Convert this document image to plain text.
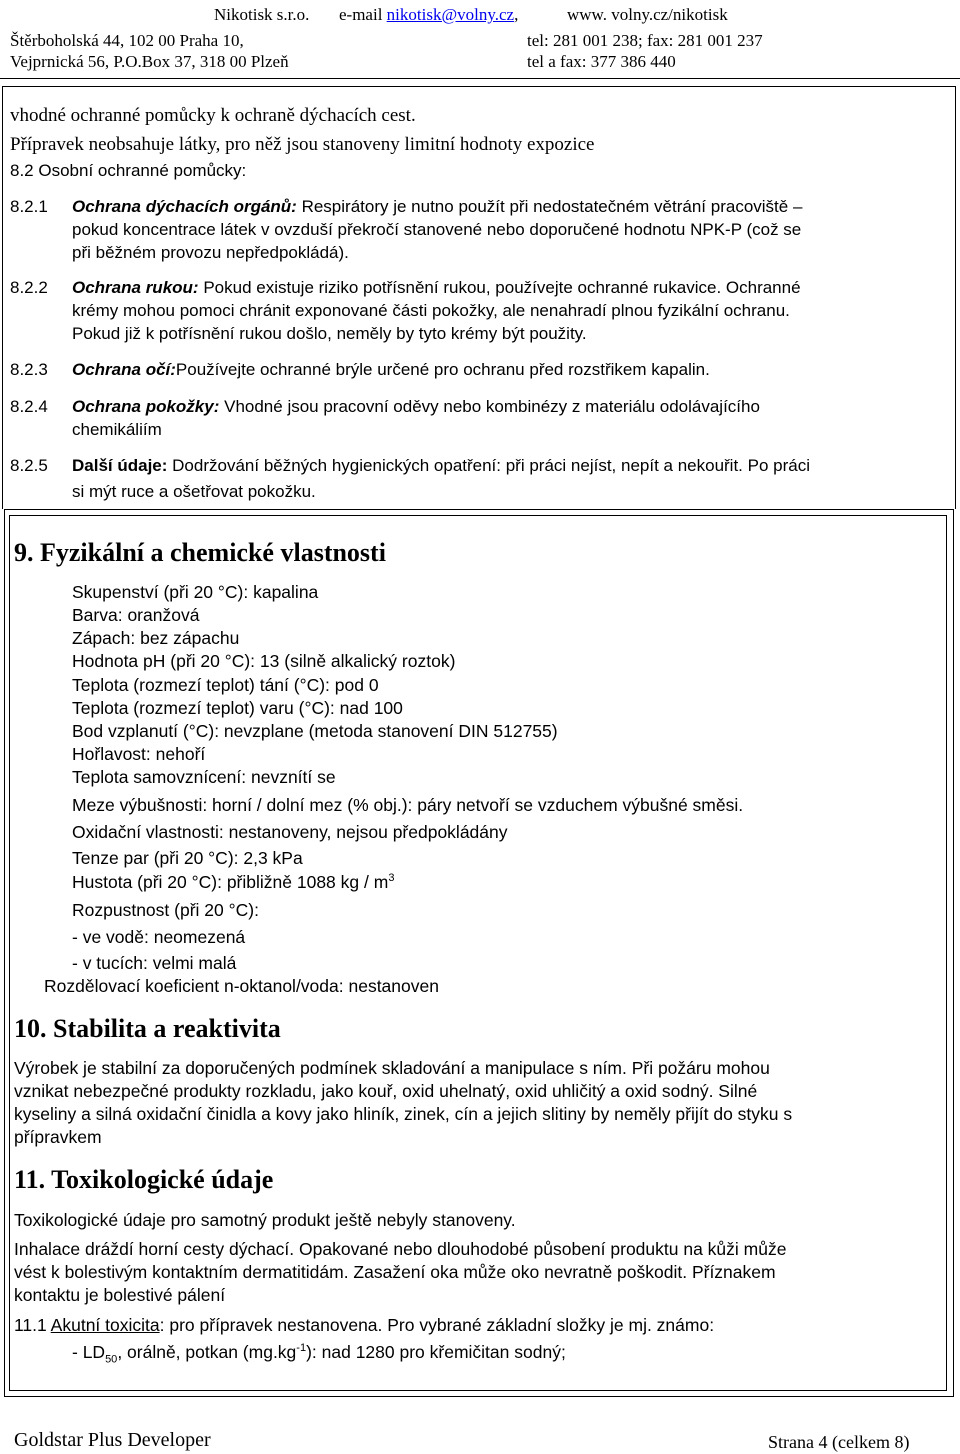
Nikotisk s.r.o. e-mail nikotisk@volny.cz,	www. volny.cz/nikotisk
Štěrboholská 44, 102 00 Praha 10,	tel: 281 001 238; fax: 281 001 237
Vejprnická 56, P.O.Box 37, 318 00 Plzeň	tel a fax: 377 386 440
vhodné ochranné pomůcky k ochraně dýchacích cest.
Přípravek neobsahuje látky, pro něž jsou stanoveny limitní hodnoty expozice
8.2 Osobní ochranné pomůcky:
8.2.1 Ochrana dýchacích orgánů: Respirátory je nutno použít při nedostatečném větrání pracoviště –
pokud koncentrace látek v ovzduší překročí stanovené nebo doporučené hodnotu NPK-P (což se
při běžném provozu nepředpokládá).
8.2.2 Ochrana rukou: Pokud existuje riziko potřísnění rukou, používejte ochranné rukavice. Ochranné
krémy mohou pomoci chránit exponované části pokožky, ale nenahradí plnou fyzikální ochranu.
Pokud již k potřísnění rukou došlo, neměly by tyto krémy být použity.
8.2.3 Ochrana očí:Používejte ochranné brýle určené pro ochranu před rozstřikem kapalin.
8.2.4 Ochrana pokožky: Vhodné jsou pracovní oděvy nebo kombinézy z materiálu odolávajícího
chemikáliím
8.2.5 Další údaje: Dodržování běžných hygienických opatření: při práci nejíst, nepít a nekouřit. Po práci
si mýt ruce a ošetřovat pokožku.
9. Fyzikální a chemické vlastnosti
Skupenství (při 20 °C): kapalina
Barva: oranžová
Zápach: bez zápachu
Hodnota pH (při 20 °C): 13 (silně alkalický roztok)
Teplota (rozmezí teplot) tání (°C): pod 0
Teplota (rozmezí teplot) varu (°C): nad 100
Bod vzplanutí (°C): nevzplane (metoda stanovení DIN 512755)
Hořlavost: nehoří
Teplota samovznícení: nevznítí se
Meze výbušnosti: horní / dolní mez (% obj.): páry netvoří se vzduchem výbušné směsi.
Oxidační vlastnosti: nestanoveny, nejsou předpokládány
Tenze par (při 20 °C): 2,3 kPa
Hustota (při 20 °C): přibližně 1088 kg / $m^3$
Rozpustnost (při 20 °C):
- ve vodě: neomezená
- v tucích: velmi malá
Rozdělovací koeficient n-oktanol/voda: nestanoven
10. Stabilita a reaktivita
Výrobek je stabilní za doporučených podmínek skladování a manipulace s ním. Při požáru mohou
vznikat nebezpečné produkty rozkladu, jako kouř, oxid uhelnatý, oxid uhličitý a oxid sodný. Silné
kyseliny a silná oxidační činidla a kovy jako hliník, zinek, cín a jejich slitiny by neměly přijít do styku s
přípravkem
11. Toxikologické údaje
Toxikologické údaje pro samotný produkt ještě nebyly stanoveny.
Inhalace dráždí horní cesty dýchací. Opakované nebo dlouhodobé působení produktu na kůži může
vést k bolestivým kontaktním dermatitidám. Zasažení oka může oko nevratně poškodit. Příznakem
kontaktu je bolestivé pálení
11.1 Akutní toxicita: pro přípravek nestanovena. Pro vybrané základní složky je mj. známo:
- $LD_{50}$, orálně, potkan $(mg.kg^{-1})$: nad 1280 pro křemičitan sodný;
Goldstar Plus Developer	Strana 4 (celkem 8)
